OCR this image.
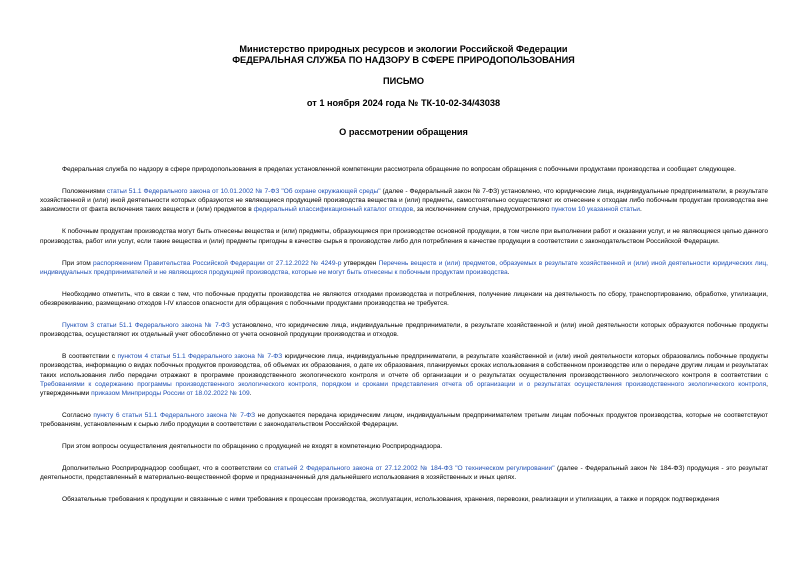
Министерство природных ресурсов и экологии Российской Федерации
ФЕДЕРАЛЬНАЯ СЛУЖБА ПО НАДЗОРУ В СФЕРЕ ПРИРОДОПОЛЬЗОВАНИЯ
ПИСЬМО
от 1 ноября 2024 года № ТК-10-02-34/43038
О рассмотрении обращения

Федеральная служба по надзору в сфере природопользования в пределах установленной компетенции рассмотрела обращение по вопросам обращения с побочными продуктами производства и сообщает следующее.

Положениями статьи 51.1 Федерального закона от 10.01.2002 № 7-ФЗ "Об охране окружающей среды" (далее - Федеральный закон № 7-ФЗ) установлено, что юридические лица, индивидуальные предприниматели, в результате хозяйственной и (или) иной деятельности которых образуются не являющиеся продукцией производства вещества и (или) предметы, самостоятельно осуществляют их отнесение к отходам либо побочным продуктам производства вне зависимости от факта включения таких веществ и (или) предметов в федеральный классификационный каталог отходов, за исключением случая, предусмотренного пунктом 10 указанной статьи.

К побочным продуктам производства могут быть отнесены вещества и (или) предметы, образующиеся при производстве основной продукции, в том числе при выполнении работ и оказании услуг, и не являющиеся целью данного производства, работ или услуг, если такие вещества и (или) предметы пригодны в качестве сырья в производстве либо для потребления в качестве продукции в соответствии с законодательством Российской Федерации.

При этом распоряжением Правительства Российской Федерации от 27.12.2022 № 4249-р утвержден Перечень веществ и (или) предметов, образуемых в результате хозяйственной и (или) иной деятельности юридических лиц, индивидуальных предпринимателей и не являющихся продукцией производства, которые не могут быть отнесены к побочным продуктам производства.

Необходимо отметить, что в связи с тем, что побочные продукты производства не являются отходами производства и потребления, получение лицензии на деятельность по сбору, транспортированию, обработке, утилизации, обезвреживанию, размещению отходов I-IV классов опасности для обращения с побочными продуктами производства не требуется.

Пунктом 3 статьи 51.1 Федерального закона № 7-ФЗ установлено, что юридические лица, индивидуальные предприниматели, в результате хозяйственной и (или) иной деятельности которых образуются побочные продукты производства, осуществляют их отдельный учет обособленно от учета основной продукции производства и отходов.

В соответствии с пунктом 4 статьи 51.1 Федерального закона № 7-ФЗ юридические лица, индивидуальные предприниматели, в результате хозяйственной и (или) иной деятельности которых образовались побочные продукты производства, информацию о видах побочных продуктов производства, об объемах их образования, о дате их образования, планируемых сроках использования в собственном производстве или о передаче другим лицам и результатах таких использования либо передачи отражают в программе производственного экологического контроля и отчете об организации и о результатах осуществления производственного экологического контроля в соответствии с Требованиями к содержанию программы производственного экологического контроля, порядком и сроками представления отчета об организации и о результатах осуществления производственного экологического контроля, утвержденными приказом Минприроды России от 18.02.2022 № 109.

Согласно пункту 6 статьи 51.1 Федерального закона № 7-ФЗ не допускается передача юридическим лицом, индивидуальным предпринимателем третьим лицам побочных продуктов производства, которые не соответствуют требованиям, установленным к сырью либо продукции в соответствии с законодательством Российской Федерации.

При этом вопросы осуществления деятельности по обращению с продукцией не входят в компетенцию Росприроднадзора.

Дополнительно Росприроднадзор сообщает, что в соответствии со статьей 2 Федерального закона от 27.12.2002 № 184-ФЗ "О техническом регулировании" (далее - Федеральный закон № 184-ФЗ) продукция - это результат деятельности, представленный в материально-вещественной форме и предназначенный для дальнейшего использования в хозяйственных и иных целях.

Обязательные требования к продукции и связанные с ними требования к процессам производства, эксплуатации, использования, хранения, перевозки, реализации и утилизации, а также и порядок подтверждения
